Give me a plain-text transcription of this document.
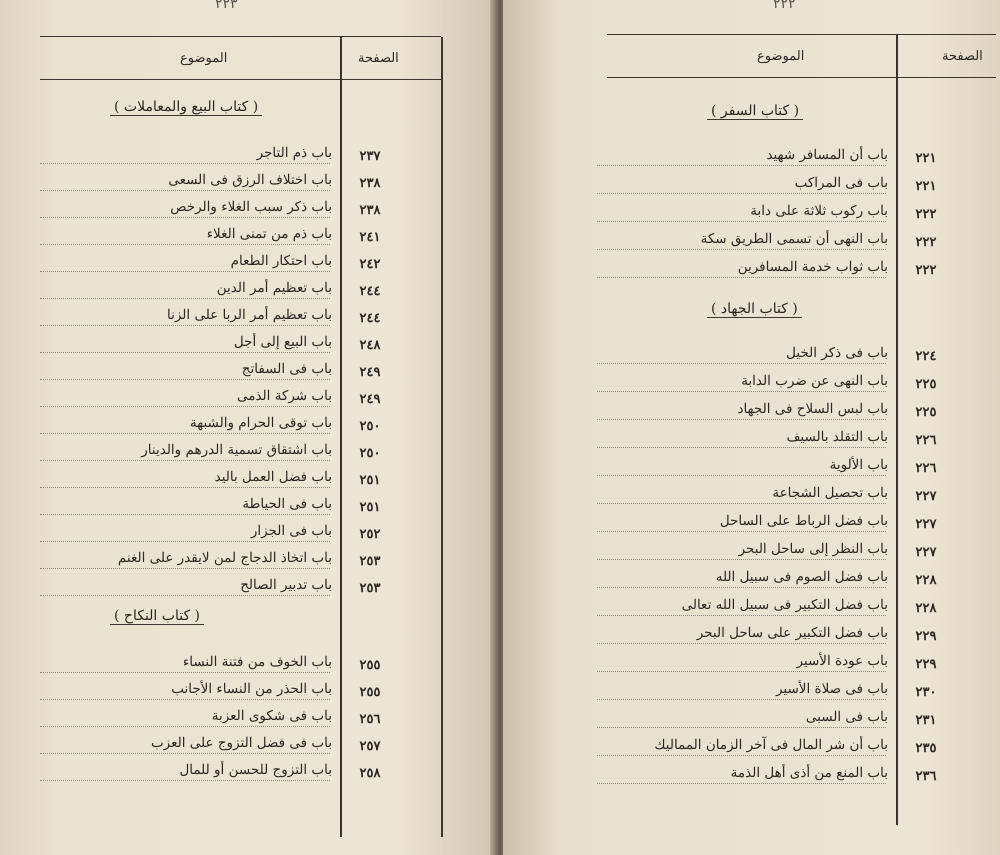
٢٢٣
الموضوع	الصفحة
( كتاب البيع والمعاملات )
باب ذم التاجر	٢٣٧
باب اختلاف الرزق فى السعى	٢٣٨
باب ذكر سبب الغلاء والرخص	٢٣٨
باب ذم من تمنى الغلاء	٢٤١
باب احتكار الطعام	٢٤٢
باب تعظيم أمر الدين	٢٤٤
باب تعظيم أمر الربا على الزنا	٢٤٤
باب البيع إلى أجل	٢٤٨
باب فى السفاتج	٢٤٩
باب شركة الذمى	٢٤٩
باب توقى الحرام والشبهة	٢٥٠
باب اشتقاق تسمية الدرهم والدينار	٢٥٠
باب فضل العمل باليد	٢٥١
باب فى الحياطة	٢٥١
باب فى الجزار	٢٥٢
باب اتخاذ الدجاج لمن لايقدر على الغنم	٢٥٣
باب تدبير الصالح	٢٥٣
( كتاب النكاح )
باب الخوف من فتنة النساء	٢٥٥
باب الحذر من النساء الأجانب	٢٥٥
باب فى شكوى العزبة	٢٥٦
باب فى فضل التزوج على العزب	٢٥٧
باب التزوج للحسن أو للمال	٢٥٨
٢٢٢
الموضوع	الصفحة
( كتاب السفر )
باب أن المسافر شهيد	٢٢١
باب فى المراكب	٢٢١
باب ركوب ثلاثة على دابة	٢٢٢
باب النهى أن تسمى الطريق سكة	٢٢٢
باب ثواب خدمة المسافرين	٢٢٢
( كتاب الجهاد )
باب فى ذكر الخيل	٢٢٤
باب النهى عن ضرب الدابة	٢٢٥
باب لبس السلاح فى الجهاد	٢٢٥
باب التقلد بالسيف	٢٢٦
باب الألوية	٢٢٦
باب تحصيل الشجاعة	٢٢٧
باب فضل الرباط على الساحل	٢٢٧
باب النظر إلى ساحل البحر	٢٢٧
باب فضل الصوم فى سبيل الله	٢٢٨
باب فضل التكبير فى سبيل الله تعالى	٢٢٨
باب فضل التكبير على ساحل البحر	٢٢٩
باب عودة الأسير	٢٢٩
باب فى صلاة الأسير	٢٣٠
باب فى السبى	٢٣١
باب أن شر المال فى آخر الزمان المماليك	٢٣٥
باب المنع من أذى أهل الذمة	٢٣٦
